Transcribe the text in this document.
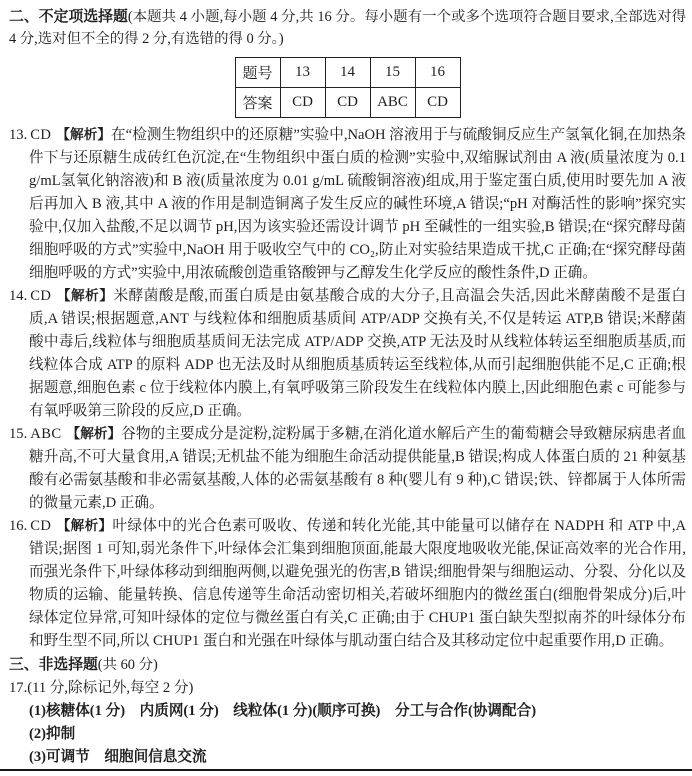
二、不定项选择题(本题共 4 小题,每小题 4 分,共 16 分。每小题有一个或多个选项符合题目要求,全部选对得 4 分,选对但不全的得 2 分,有选错的得 0 分。)
题号	13	14	15	16
答案	CD	CD	ABC	CD
13. CD 【解析】在“检测生物组织中的还原糖”实验中,NaOH 溶液用于与硫酸铜反应生产氢氧化铜,在加热条件下与还原糖生成砖红色沉淀,在“生物组织中蛋白质的检测”实验中,双缩脲试剂由 A 液(质量浓度为 0.1 g/mL氢氧化钠溶液)和 B 液(质量浓度为 0.01 g/mL 硫酸铜溶液)组成,用于鉴定蛋白质,使用时要先加 A 液后再加入 B 液,其中 A 液的作用是制造铜离子发生反应的碱性环境,A 错误;“pH 对酶活性的影响”探究实验中,仅加入盐酸,不足以调节 pH,因为该实验还需设计调节 pH 至碱性的一组实验,B 错误;在“探究酵母菌细胞呼吸的方式”实验中,NaOH 用于吸收空气中的 CO₂,防止对实验结果造成干扰,C 正确;在“探究酵母菌细胞呼吸的方式”实验中,用浓硫酸创造重铬酸钾与乙醇发生化学反应的酸性条件,D 正确。
14. CD 【解析】米酵菌酸是酸,而蛋白质是由氨基酸合成的大分子,且高温会失活,因此米酵菌酸不是蛋白质,A 错误;根据题意,ANT 与线粒体和细胞质基质间 ATP/ADP 交换有关,不仅是转运 ATP,B 错误;米酵菌酸中毒后,线粒体与细胞质基质间无法完成 ATP/ADP 交换,ATP 无法及时从线粒体转运至细胞质基质,而线粒体合成 ATP 的原料 ADP 也无法及时从细胞质基质转运至线粒体,从而引起细胞供能不足,C 正确;根据题意,细胞色素 c 位于线粒体内膜上,有氧呼吸第三阶段发生在线粒体内膜上,因此细胞色素 c 可能参与有氧呼吸第三阶段的反应,D 正确。
15. ABC 【解析】谷物的主要成分是淀粉,淀粉属于多糖,在消化道水解后产生的葡萄糖会导致糖尿病患者血糖升高,不可大量食用,A 错误;无机盐不能为细胞生命活动提供能量,B 错误;构成人体蛋白质的 21 种氨基酸有必需氨基酸和非必需氨基酸,人体的必需氨基酸有 8 种(婴儿有 9 种),C 错误;铁、锌都属于人体所需的微量元素,D 正确。
16. CD 【解析】叶绿体中的光合色素可吸收、传递和转化光能,其中能量可以储存在 NADPH 和 ATP 中,A 错误;据图 1 可知,弱光条件下,叶绿体会汇集到细胞顶面,能最大限度地吸收光能,保证高效率的光合作用,而强光条件下,叶绿体移动到细胞两侧,以避免强光的伤害,B 错误;细胞骨架与细胞运动、分裂、分化以及物质的运输、能量转换、信息传递等生命活动密切相关,若破坏细胞内的微丝蛋白(细胞骨架成分)后,叶绿体定位异常,可知叶绿体的定位与微丝蛋白有关,C 正确;由于 CHUP1 蛋白缺失型拟南芥的叶绿体分布和野生型不同,所以 CHUP1 蛋白和光强在叶绿体与肌动蛋白结合及其移动定位中起重要作用,D 正确。
三、非选择题(共 60 分)
17.(11 分,除标记外,每空 2 分)
(1)核糖体(1 分)　内质网(1 分)　线粒体(1 分)(顺序可换)　分工与合作(协调配合)
(2)抑制
(3)可调节　细胞间信息交流
